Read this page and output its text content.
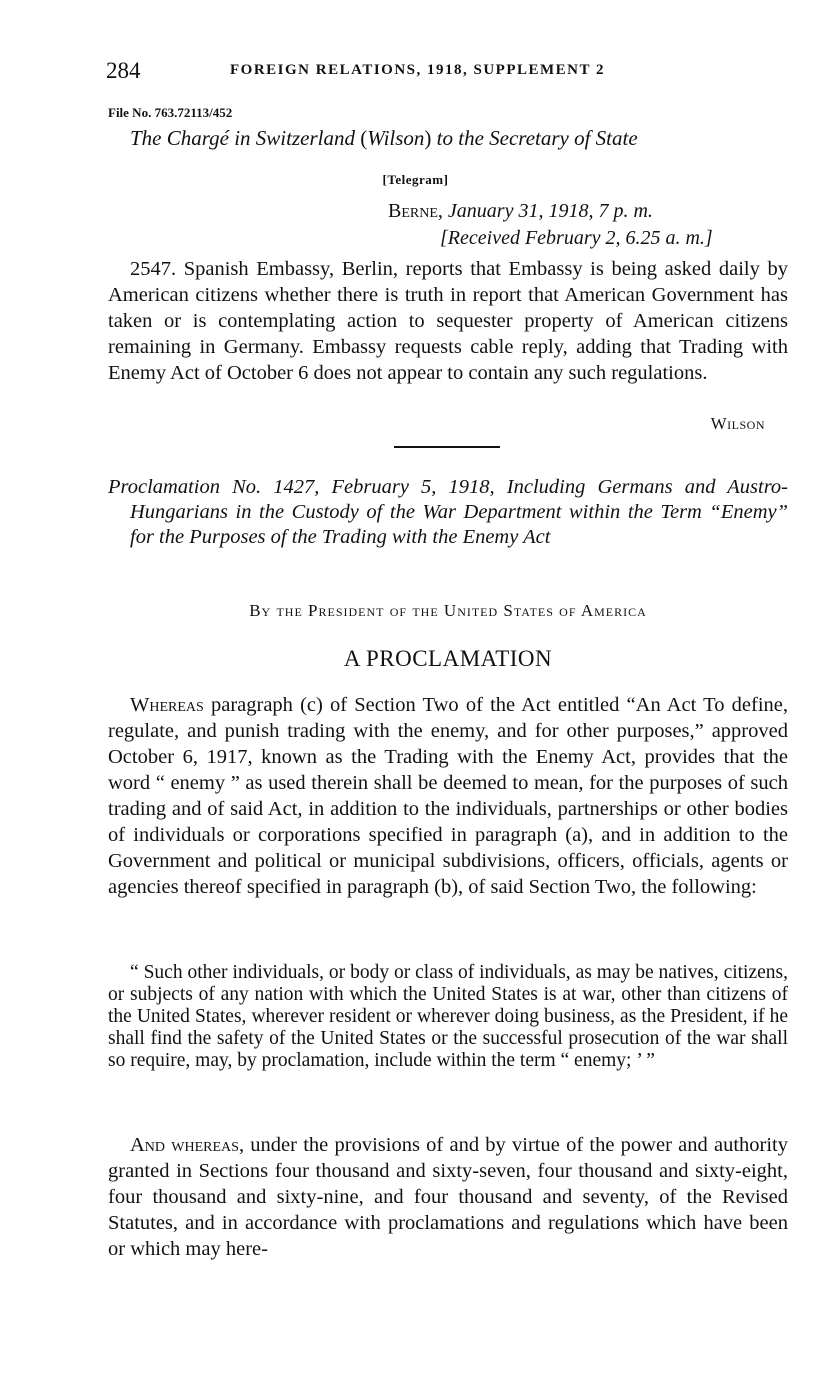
284	FOREIGN RELATIONS, 1918, SUPPLEMENT 2
File No. 763.72113/452
The Chargé in Switzerland (Wilson) to the Secretary of State
[Telegram]
Berne, January 31, 1918, 7 p. m.
[Received February 2, 6.25 a. m.]
2547. Spanish Embassy, Berlin, reports that Embassy is being asked daily by American citizens whether there is truth in report that American Government has taken or is contemplating action to sequester property of American citizens remaining in Germany. Embassy requests cable reply, adding that Trading with Enemy Act of October 6 does not appear to contain any such regulations.
Wilson
Proclamation No. 1427, February 5, 1918, Including Germans and Austro-Hungarians in the Custody of the War Department within the Term “Enemy” for the Purposes of the Trading with the Enemy Act
By the President of the United States of America
A PROCLAMATION
Whereas paragraph (c) of Section Two of the Act entitled “An Act To define, regulate, and punish trading with the enemy, and for other purposes,” approved October 6, 1917, known as the Trading with the Enemy Act, provides that the word “ enemy ” as used therein shall be deemed to mean, for the purposes of such trading and of said Act, in addition to the individuals, partnerships or other bodies of individuals or corporations specified in paragraph (a), and in addition to the Government and political or municipal subdivisions, officers, officials, agents or agencies thereof specified in paragraph (b), of said Section Two, the following:
“ Such other individuals, or body or class of individuals, as may be natives, citizens, or subjects of any nation with which the United States is at war, other than citizens of the United States, wherever resident or wherever doing business, as the President, if he shall find the safety of the United States or the successful prosecution of the war shall so require, may, by proclamation, include within the term “ enemy; ’ ”
And whereas, under the provisions of and by virtue of the power and authority granted in Sections four thousand and sixty-seven, four thousand and sixty-eight, four thousand and sixty-nine, and four thousand and seventy, of the Revised Statutes, and in accordance with proclamations and regulations which have been or which may here-
